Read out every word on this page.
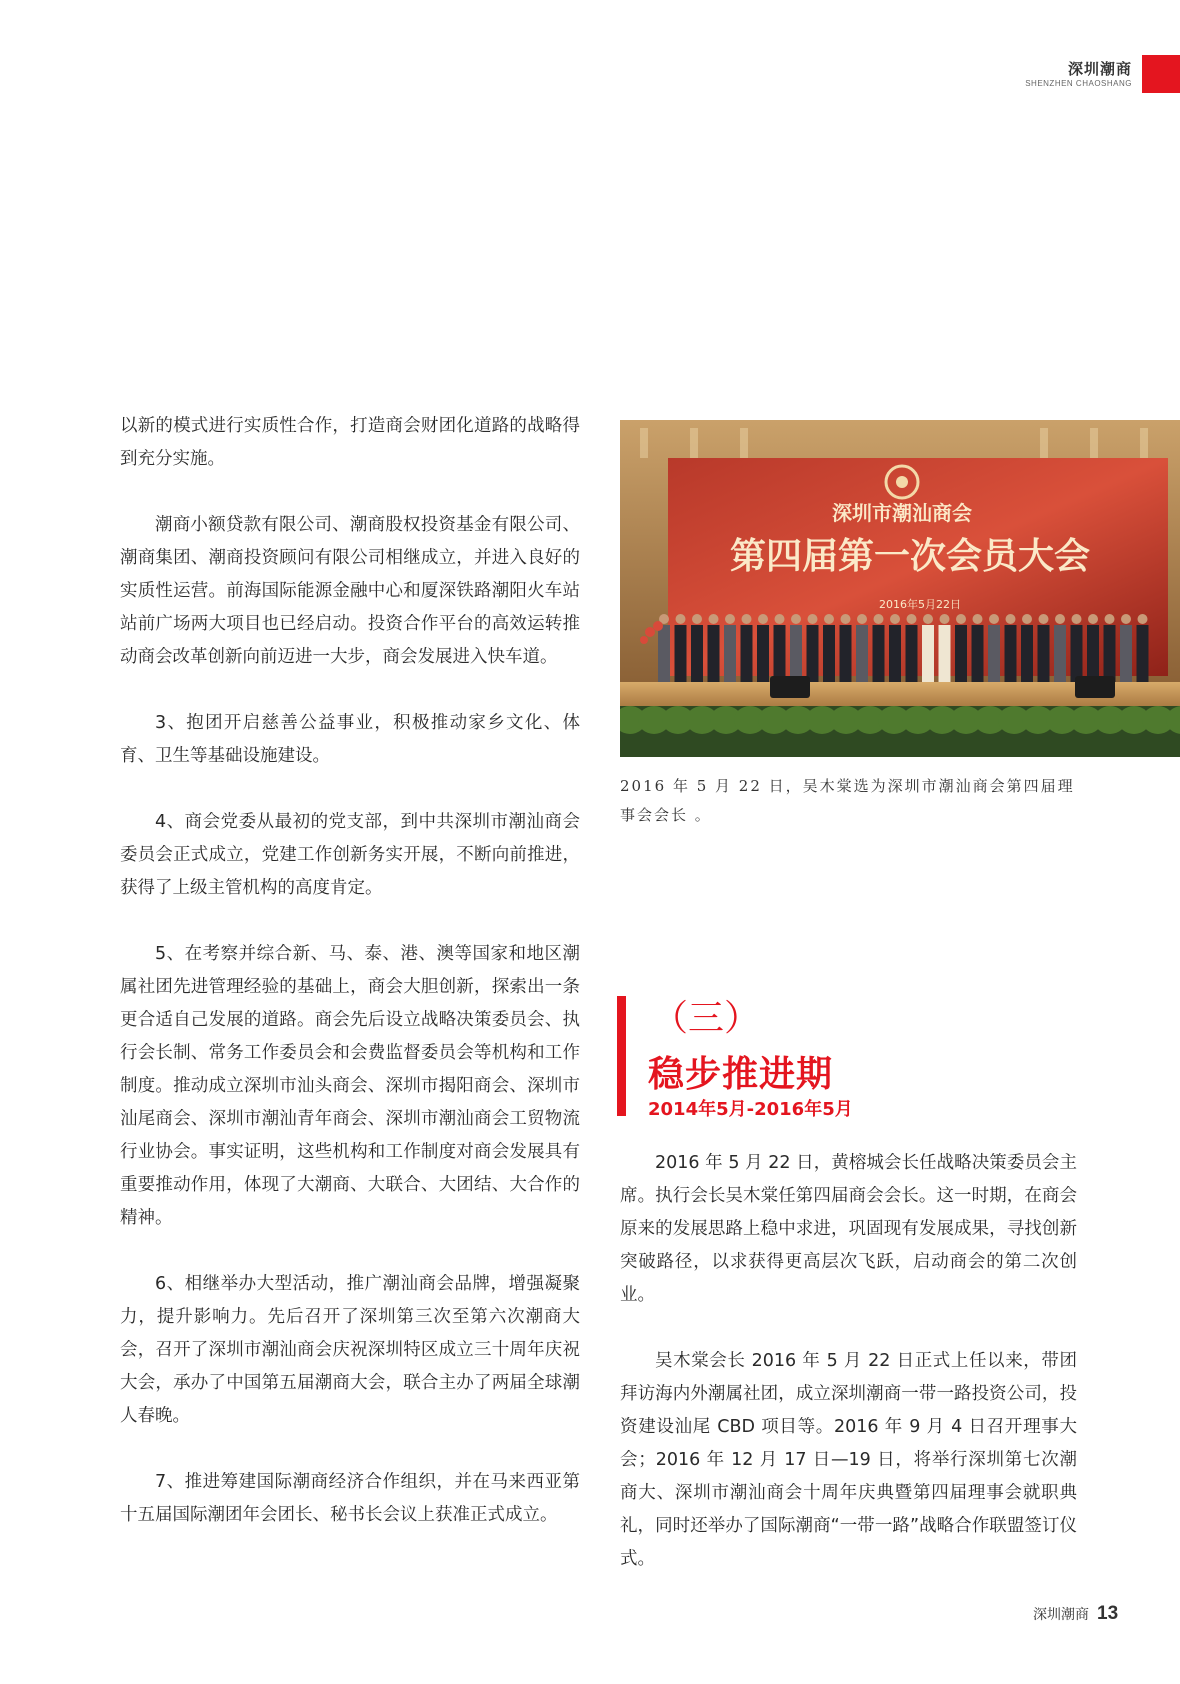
深圳潮商
SHENZHEN CHAOSHANG

以新的模式进行实质性合作，打造商会财团化道路的战略得到充分实施。

潮商小额贷款有限公司、潮商股权投资基金有限公司、潮商集团、潮商投资顾问有限公司相继成立，并进入良好的实质性运营。前海国际能源金融中心和厦深铁路潮阳火车站站前广场两大项目也已经启动。投资合作平台的高效运转推动商会改革创新向前迈进一大步，商会发展进入快车道。

3、抱团开启慈善公益事业，积极推动家乡文化、体育、卫生等基础设施建设。

4、商会党委从最初的党支部，到中共深圳市潮汕商会委员会正式成立，党建工作创新务实开展，不断向前推进，获得了上级主管机构的高度肯定。

5、在考察并综合新、马、泰、港、澳等国家和地区潮属社团先进管理经验的基础上，商会大胆创新，探索出一条更合适自己发展的道路。商会先后设立战略决策委员会、执行会长制、常务工作委员会和会费监督委员会等机构和工作制度。推动成立深圳市汕头商会、深圳市揭阳商会、深圳市汕尾商会、深圳市潮汕青年商会、深圳市潮汕商会工贸物流行业协会。事实证明，这些机构和工作制度对商会发展具有重要推动作用，体现了大潮商、大联合、大团结、大合作的精神。

6、相继举办大型活动，推广潮汕商会品牌，增强凝聚力，提升影响力。先后召开了深圳第三次至第六次潮商大会，召开了深圳市潮汕商会庆祝深圳特区成立三十周年庆祝大会，承办了中国第五届潮商大会，联合主办了两届全球潮人春晚。

7、推进筹建国际潮商经济合作组织，并在马来西亚第十五届国际潮团年会团长、秘书长会议上获准正式成立。

深圳市潮汕商会
第四届第一次会员大会
2016年5月22日
2016 年 5 月 22 日，吴木棠选为深圳市潮汕商会第四届理事会会长 。
（三）
稳步推进期
2014年5月-2016年5月

2016 年 5 月 22 日，黄榕城会长任战略决策委员会主席。执行会长吴木棠任第四届商会会长。这一时期，在商会原来的发展思路上稳中求进，巩固现有发展成果，寻找创新突破路径，以求获得更高层次飞跃，启动商会的第二次创业。

吴木棠会长 2016 年 5 月 22 日正式上任以来，带团拜访海内外潮属社团，成立深圳潮商一带一路投资公司，投资建设汕尾 CBD 项目等。2016 年 9 月 4 日召开理事大会；2016 年 12 月 17 日—19 日，将举行深圳第七次潮商大、深圳市潮汕商会十周年庆典暨第四届理事会就职典礼，同时还举办了国际潮商“一带一路”战略合作联盟签订仪式。

深圳潮商 13
